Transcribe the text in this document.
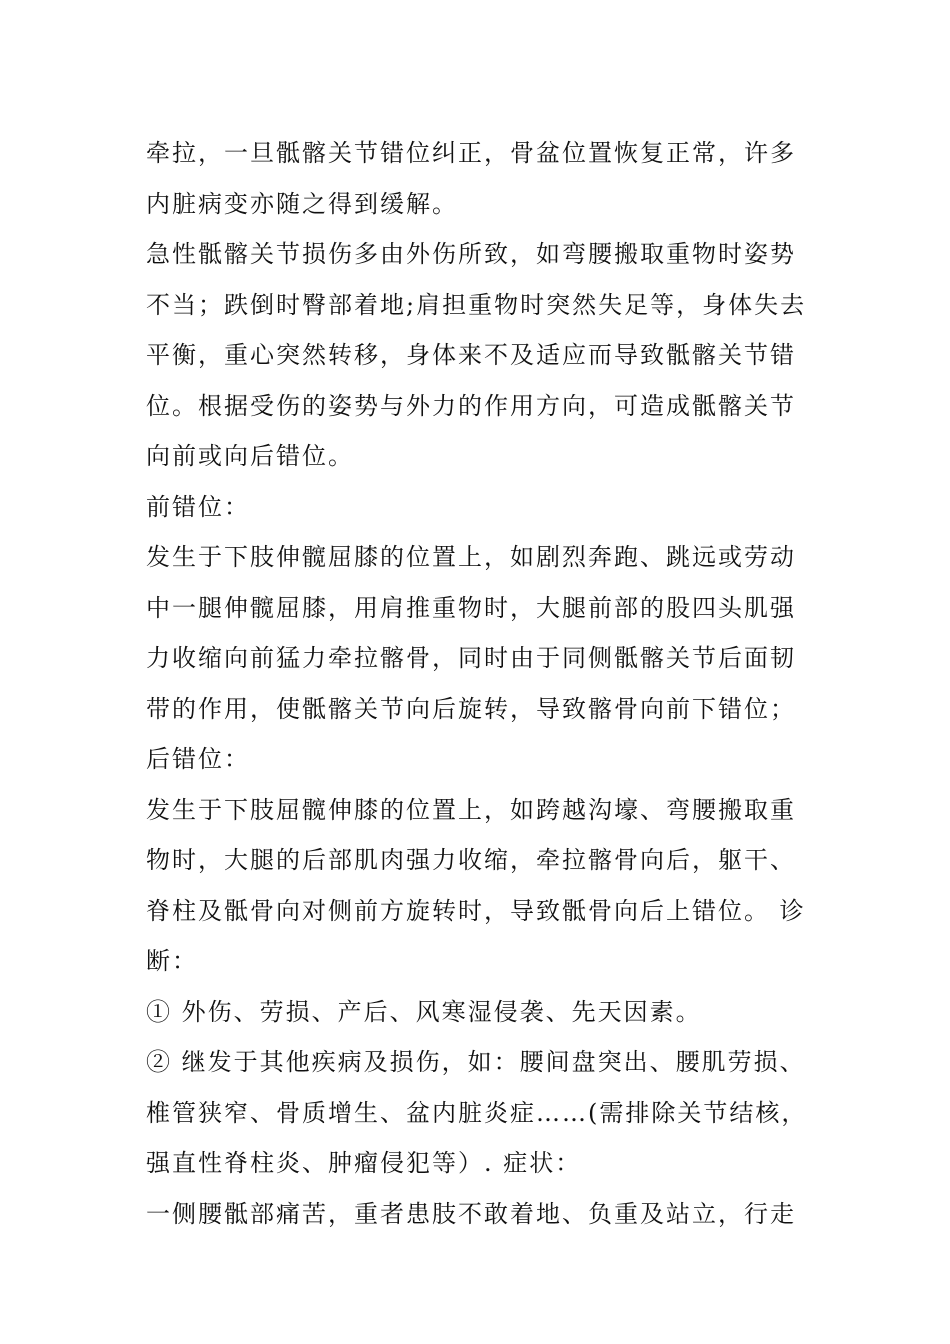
牵拉，一旦骶髂关节错位纠正，骨盆位置恢复正常，许多
内脏病变亦随之得到缓解。
急性骶髂关节损伤多由外伤所致，如弯腰搬取重物时姿势
不当；跌倒时臀部着地;肩担重物时突然失足等，身体失去
平衡，重心突然转移，身体来不及适应而导致骶髂关节错
位。根据受伤的姿势与外力的作用方向，可造成骶髂关节
向前或向后错位。
前错位：
发生于下肢伸髋屈膝的位置上，如剧烈奔跑、跳远或劳动
中一腿伸髋屈膝，用肩推重物时，大腿前部的股四头肌强
力收缩向前猛力牵拉髂骨，同时由于同侧骶髂关节后面韧
带的作用，使骶髂关节向后旋转，导致髂骨向前下错位；
后错位：
发生于下肢屈髋伸膝的位置上，如跨越沟壕、弯腰搬取重
物时，大腿的后部肌肉强力收缩，牵拉髂骨向后，躯干、
脊柱及骶骨向对侧前方旋转时，导致骶骨向后上错位。 诊
断：
① 外伤、劳损、产后、风寒湿侵袭、先天因素。
② 继发于其他疾病及损伤，如：腰间盘突出、腰肌劳损、
椎管狭窄、骨质增生、盆内脏炎症……(需排除关节结核，
强直性脊柱炎、肿瘤侵犯等）. 症状：
一侧腰骶部痛苦，重者患肢不敢着地、负重及站立，行走
